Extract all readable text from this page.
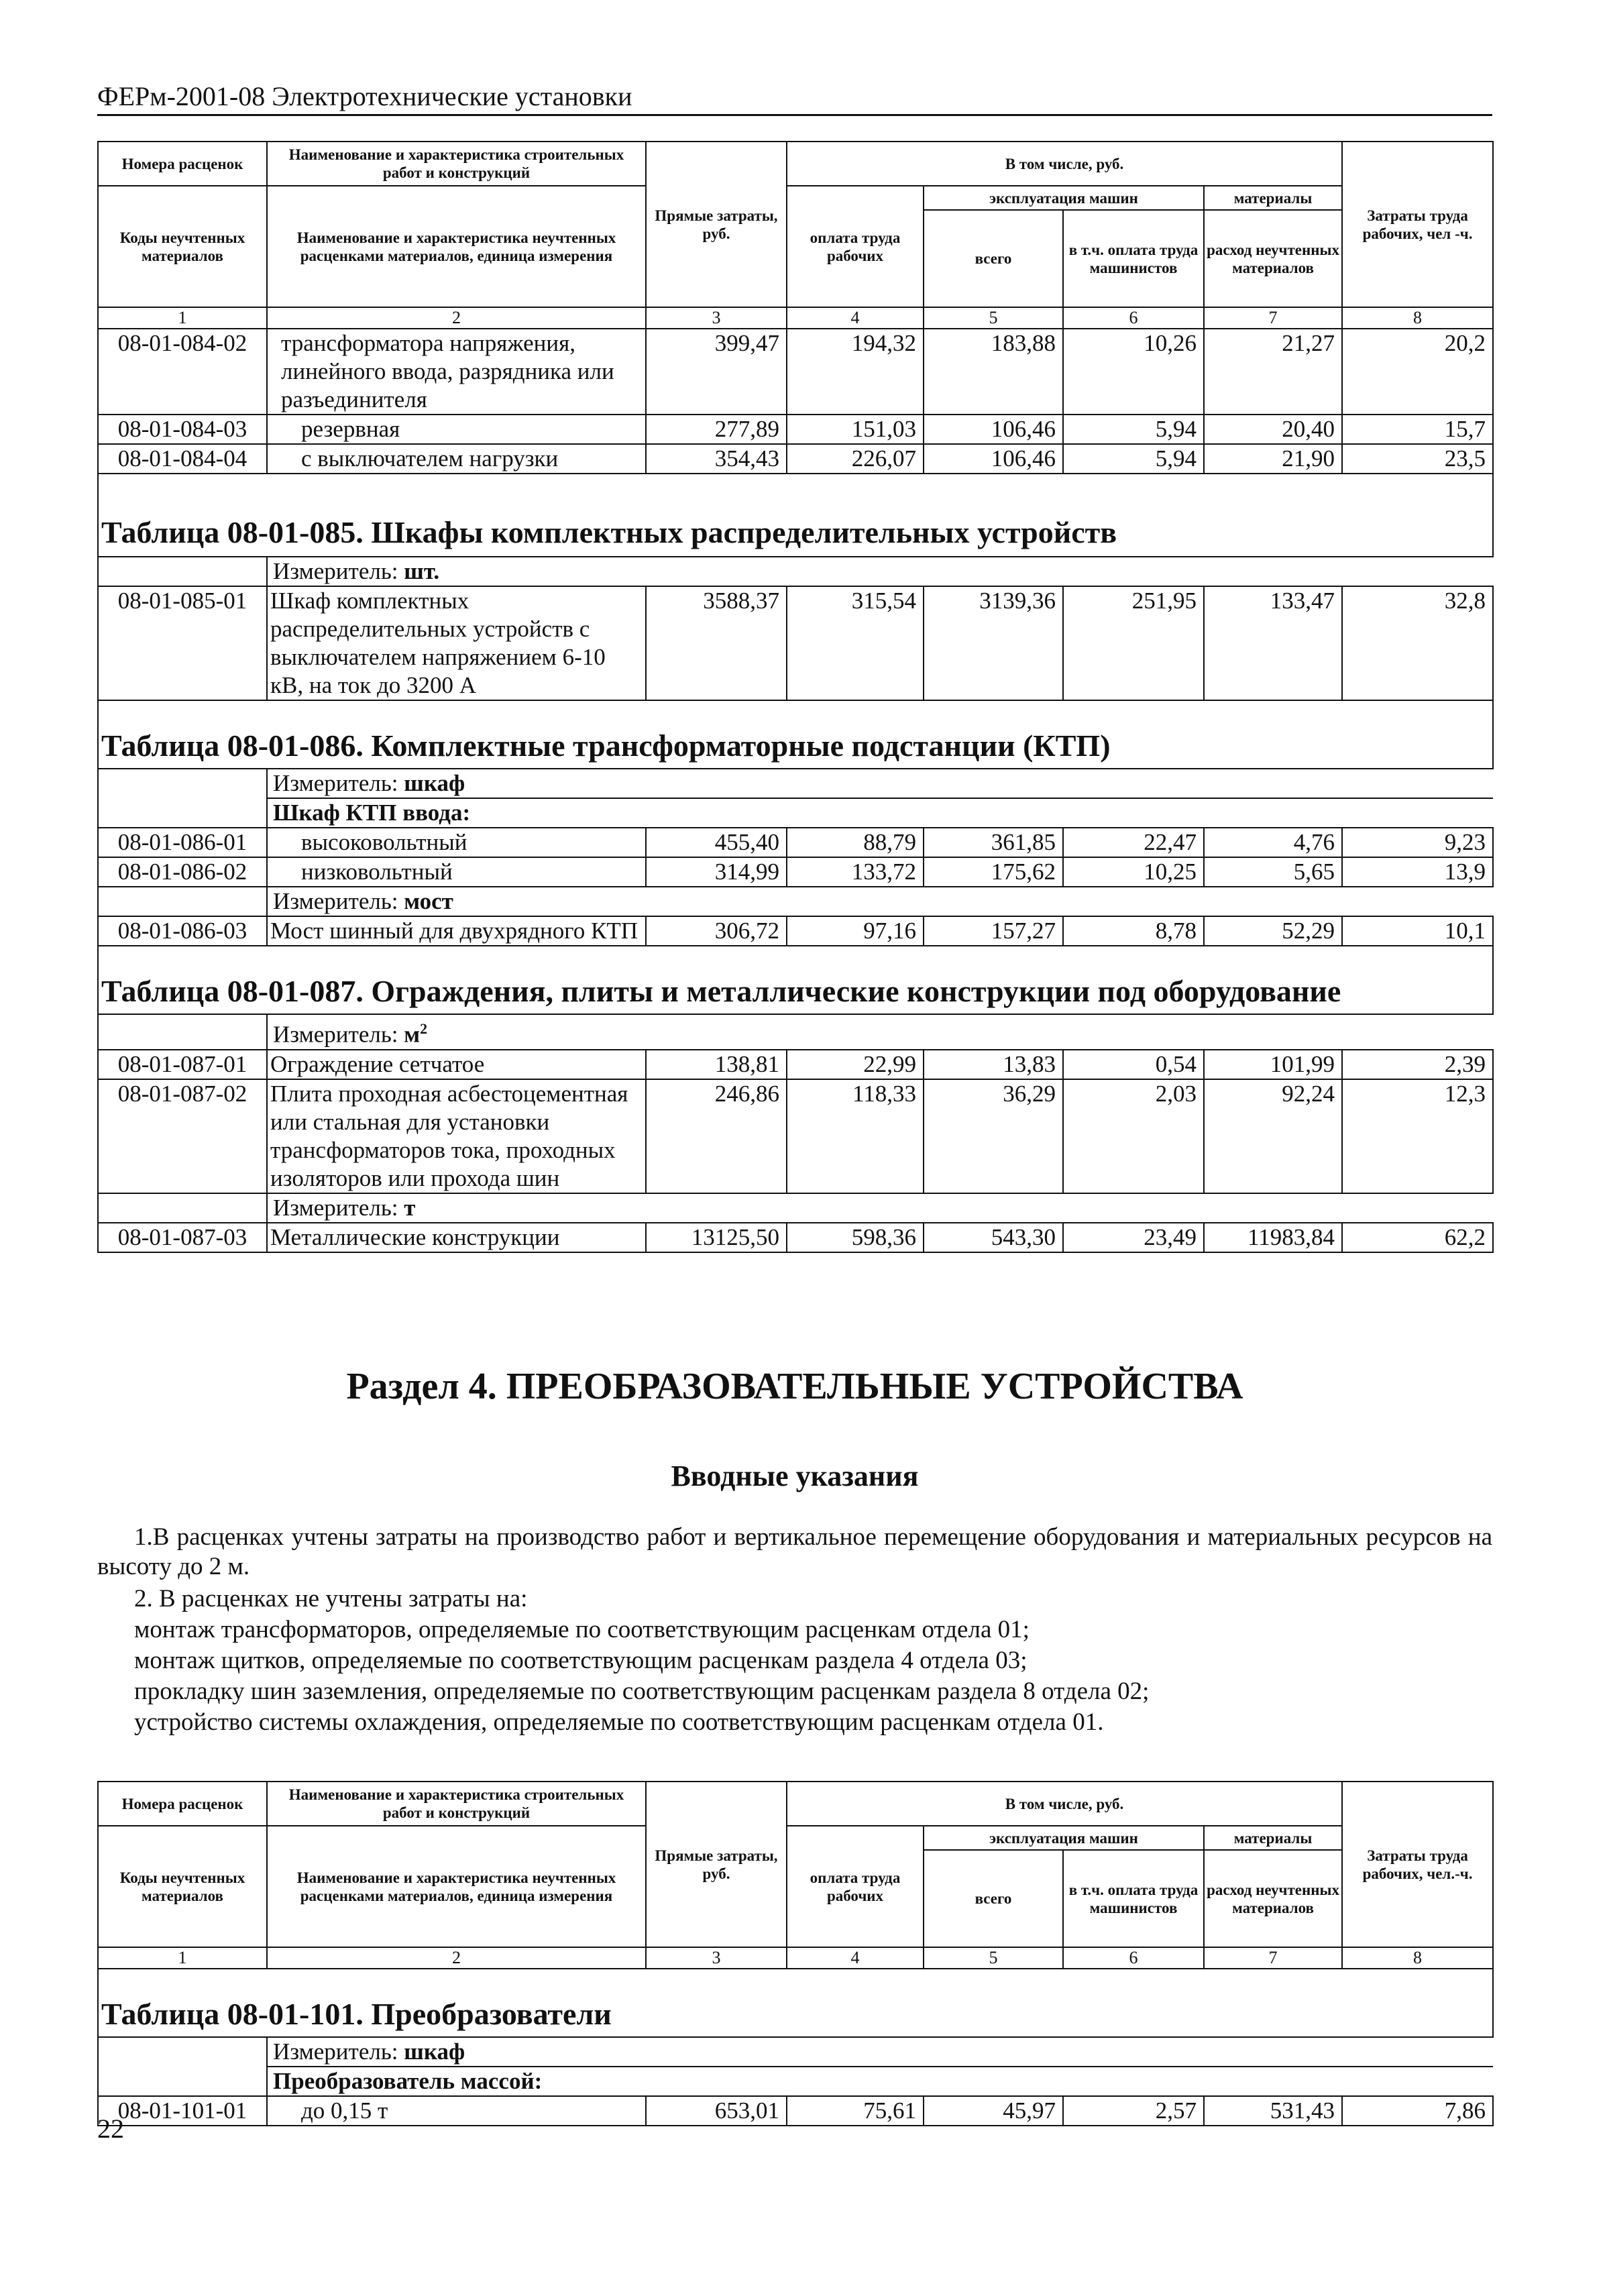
ФЕРм-2001-08 Электротехнические установки
Номера расценок	Наименование и характеристика строительных работ и конструкций	Прямые затраты, руб.	В том числе, руб.				Затраты труда рабочих, чел -ч.
Коды неучтенных материалов	Наименование и характеристика неучтенных расценками материалов, единица измерения		оплата труда рабочих	эксплуатация машин		материалы	
				всего	в т.ч. оплата труда машинистов	расход неучтенных материалов	
1	2	3	4	5	6	7	8
08-01-084-02	трансформатора напряжения, линейного ввода, разрядника или разъединителя	399,47	194,32	183,88	10,26	21,27	20,2
08-01-084-03	резервная	277,89	151,03	106,46	5,94	20,40	15,7
08-01-084-04	с выключателем нагрузки	354,43	226,07	106,46	5,94	21,90	23,5
Таблица 08-01-085. Шкафы комплектных распределительных устройств							
	Измеритель: шт.						
08-01-085-01	Шкаф комплектных распределительных устройств с выключателем напряжением 6-10 кВ, на ток до 3200 А	3588,37	315,54	3139,36	251,95	133,47	32,8
Таблица 08-01-086. Комплектные трансформаторные подстанции (КТП)							
	Измеритель: шкаф						
	Шкаф КТП ввода:						
08-01-086-01	высоковольтный	455,40	88,79	361,85	22,47	4,76	9,23
08-01-086-02	низковольтный	314,99	133,72	175,62	10,25	5,65	13,9
	Измеритель: мост						
08-01-086-03	Мост шинный для двухрядного КТП	306,72	97,16	157,27	8,78	52,29	10,1
Таблица 08-01-087. Ограждения, плиты и металлические конструкции под оборудование							
	Измеритель: $м^2$
08-01-087-01	Ограждение сетчатое	138,81	22,99	13,83	0,54	101,99	2,39
08-01-087-02	Плита проходная асбестоцементная или стальная для установки трансформаторов тока, проходных изоляторов или прохода шин	246,86	118,33	36,29	2,03	92,24	12,3
	Измеритель: т						
08-01-087-03	Металлические конструкции	13125,50	598,36	543,30	23,49	11983,84	62,2
Раздел 4. ПРЕОБРАЗОВАТЕЛЬНЫЕ УСТРОЙСТВА
Вводные указания
1.В расценках учтены затраты на производство работ и вертикальное перемещение оборудования и материальных ресурсов на высоту до 2 м.
2. В расценках не учтены затраты на:
монтаж трансформаторов, определяемые по соответствующим расценкам отдела 01;
монтаж щитков, определяемые по соответствующим расценкам раздела 4 отдела 03;
прокладку шин заземления, определяемые по соответствующим расценкам раздела 8 отдела 02;
устройство системы охлаждения, определяемые по соответствующим расценкам отдела 01.
Номера расценок	Наименование и характеристика строительных работ и конструкций	Прямые затраты, руб.	В том числе, руб.				Затраты труда рабочих, чел.-ч.
Коды неучтенных материалов	Наименование и характеристика неучтенных расценками материалов, единица измерения		оплата труда рабочих	эксплуатация машин		материалы	
				всего	в т.ч. оплата труда машинистов	расход неучтенных материалов	
1	2	3	4	5	6	7	8
Таблица 08-01-101. Преобразователи							
	Измеритель: шкаф						
	Преобразователь массой:						
08-01-101-01	до 0,15 т	653,01	75,61	45,97	2,57	531,43	7,86
22
